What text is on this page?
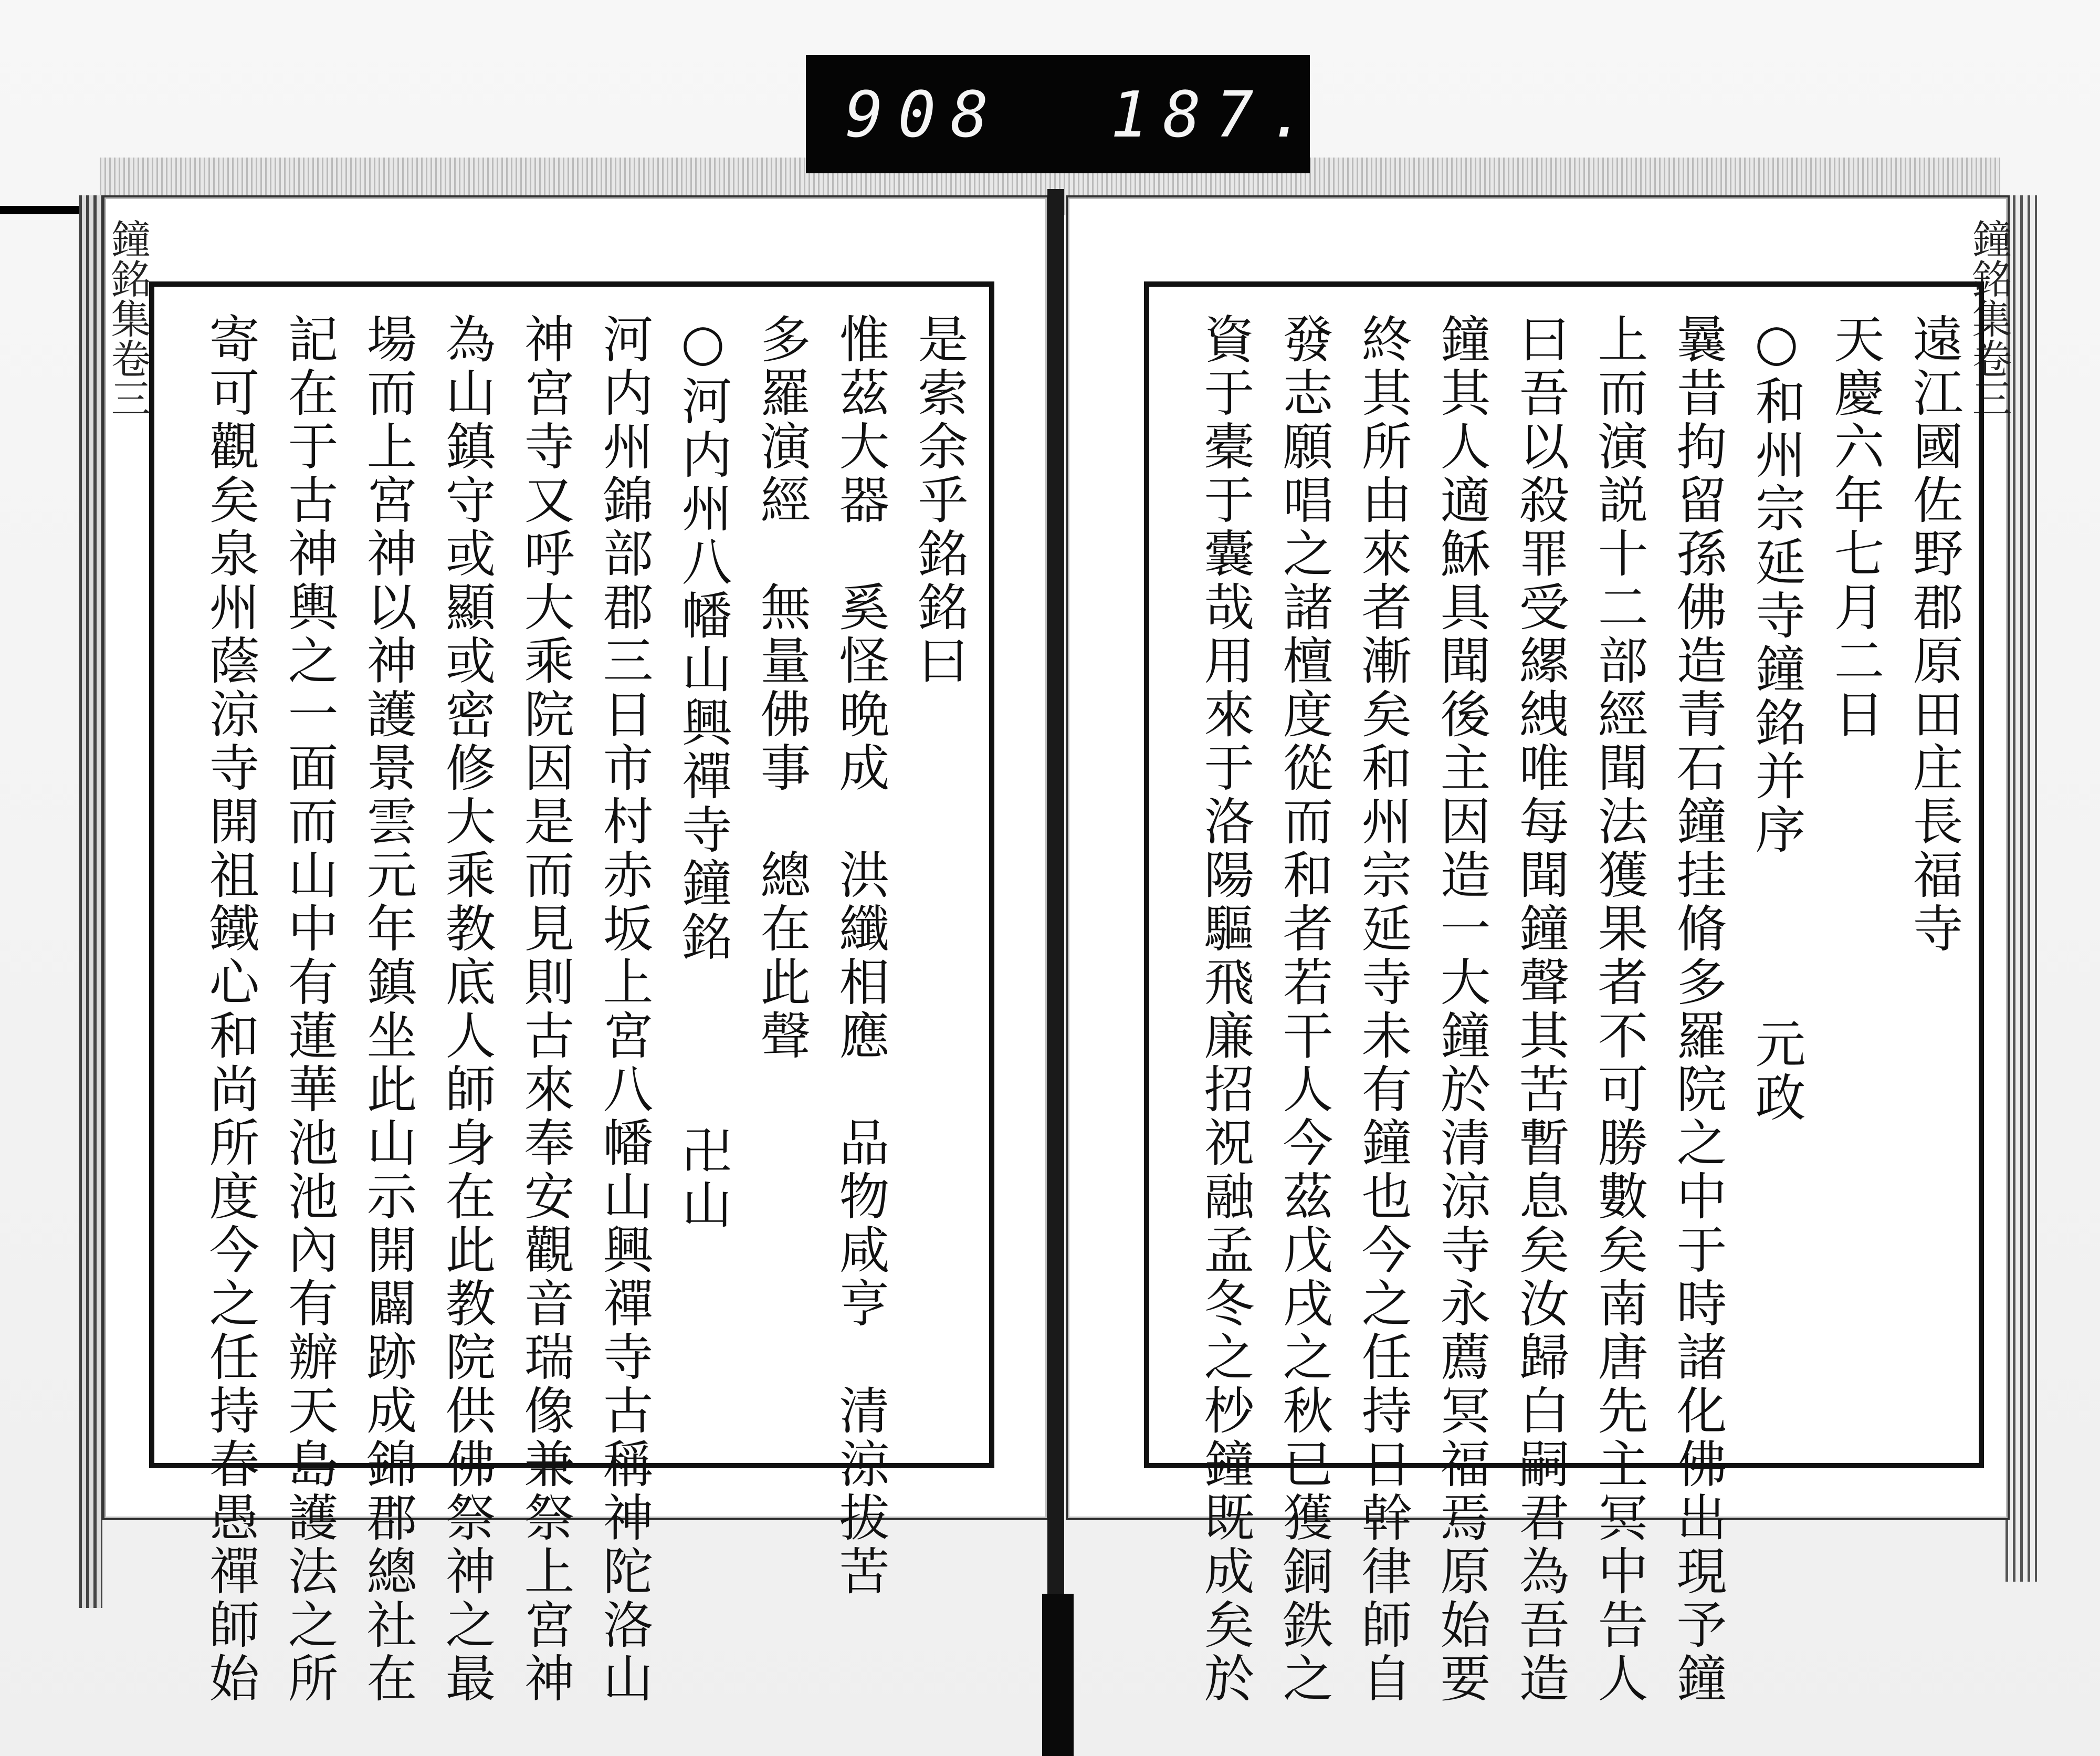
908 187.
鐘銘集卷三	是索余乎銘銘曰
惟茲大器　奚怪晩成　洪纖相應　品物咸亨　清涼拔苦
多羅演經　無量佛事　總在此聲
○河内州八幡山興禪寺鐘銘　　　卍山
河内州錦部郡三日市村赤坂上宮八幡山興禪寺古稱神陀洛山
神宮寺又呼大乘院因是而見則古來奉安觀音瑞像兼祭上宮神
為山鎮守或顯或密修大乘教底人師身在此教院供佛祭神之最
場而上宮神以神護景雲元年鎮坐此山示開闢跡成錦郡總社在
記在于古神輿之一面而山中有蓮華池池內有辦天島護法之所
寄可觀矣泉州蔭涼寺開祖鐵心和尚所度今之任持春愚禪師始	鐘銘集卷三
遠江國佐野郡原田庄長福寺
天慶六年七月二日
○和州宗延寺鐘銘并序　　　元政
曩昔拘留孫佛造青石鐘挂脩多羅院之中于時諸化佛出現予鐘
上而演説十二部經聞法獲果者不可勝數矣南唐先主冥中告人
曰吾以殺罪受縲絏唯每聞鐘聲其苦暫息矣汝歸白嗣君為吾造
鐘其人適穌具聞後主因造一大鐘於清涼寺永薦冥福焉原始要
終其所由來者漸矣和州宗延寺未有鐘也今之任持日幹律師自
發志願唱之諸檀度從而和者若干人今茲戊戌之秋已獲銅鉄之
資于橐于囊哉用來于洛陽驅飛廉招祝融孟冬之杪鐘既成矣於
